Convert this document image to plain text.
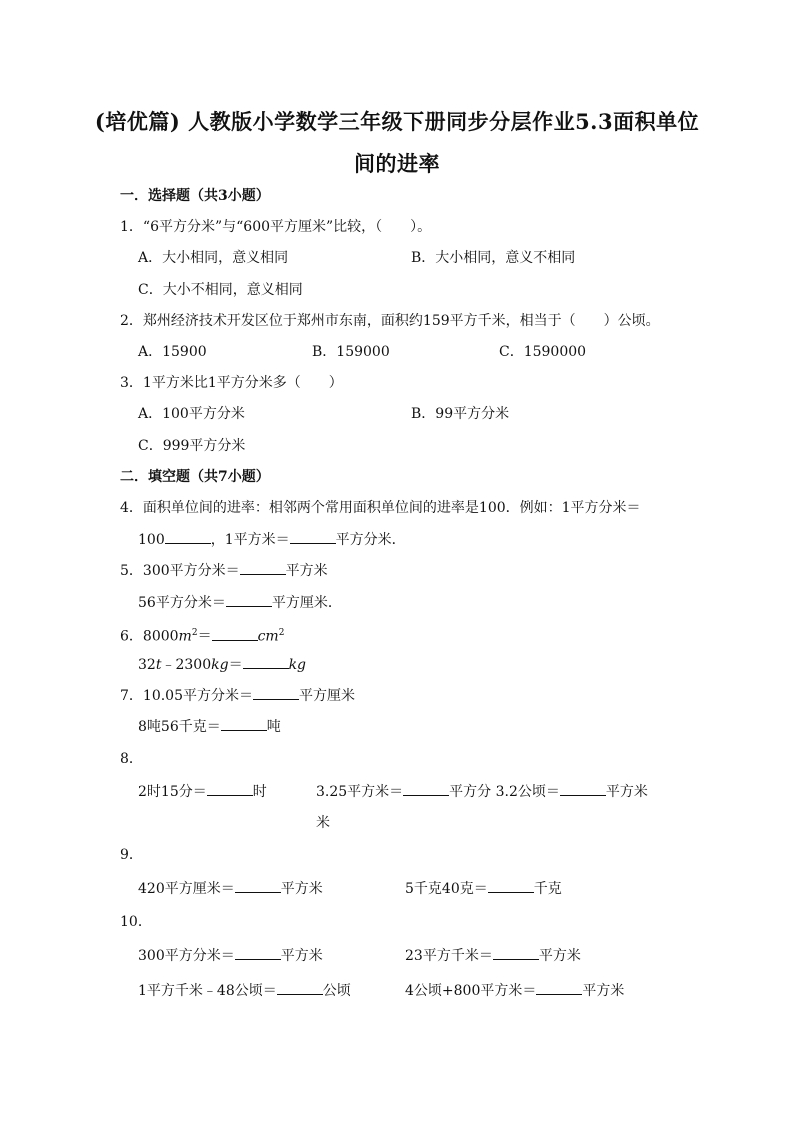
(培优篇) 人教版小学数学三年级下册同步分层作业5.3面积单位
间的进率
一．选择题（共3小题）
1．“6平方分米”与“600平方厘米”比较，（　　）。
A．大小相同，意义相同	B．大小相同，意义不相同
C．大小不相同，意义相同
2．郑州经济技术开发区位于郑州市东南，面积约159平方千米，相当于（　　）公顷。
A．15900	B．159000	C．1590000
3．1平方米比1平方分米多（　　）
A．100平方分米	B．99平方分米
C．999平方分米
二．填空题（共7小题）
4．面积单位间的进率：相邻两个常用面积单位间的进率是100．例如：1平方分米＝
100	，1平方米＝	平方分米．
5．300平方分米＝	平方米
56平方分米＝	平方厘米．
6．$8000m^2=$	$cm^2$
32t﹣2300kg＝	kg
7．10.05平方分米＝	平方厘米
8吨56千克＝	吨
8．
2时15分＝	时	3.25平方米＝	平方分 3.2公顷＝	平方米
米
9．
420平方厘米＝	平方米	5千克40克＝	千克
10．
300平方分米＝	平方米	23平方千米＝	平方米
1平方千米﹣48公顷＝	公顷	4公顷+800平方米＝	平方米
